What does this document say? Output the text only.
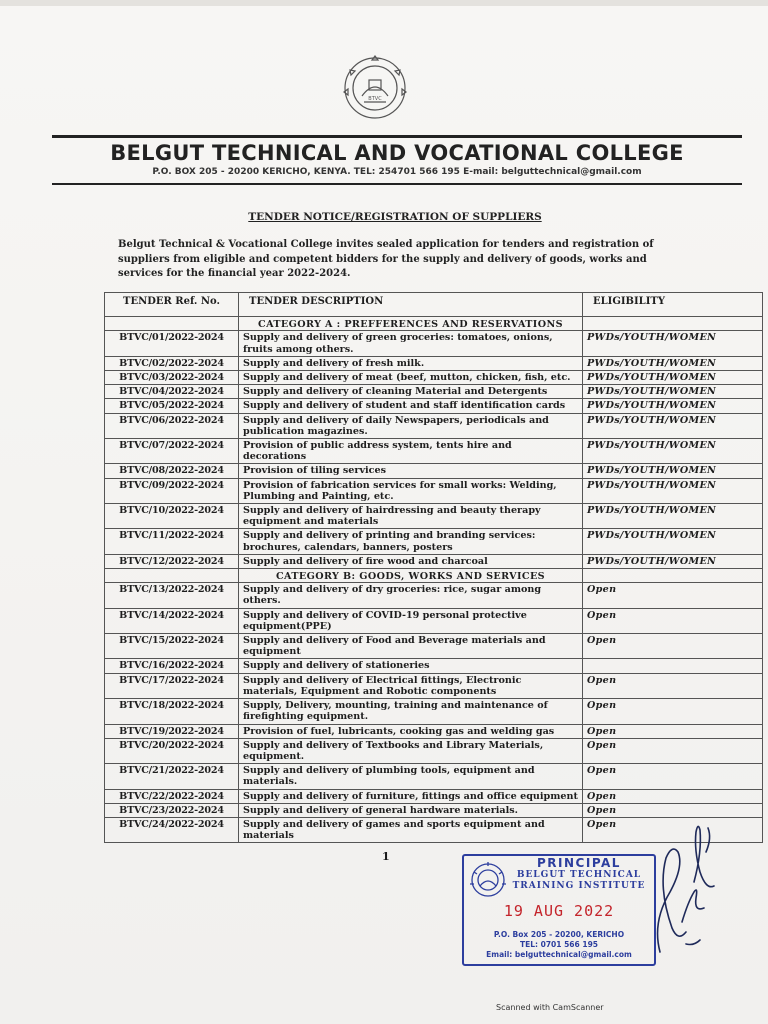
BTVC
BELGUT TECHNICAL AND VOCATIONAL COLLEGE
P.O. BOX 205 - 20200 KERICHO, KENYA. TEL: 254701 566 195 E-mail: belguttechnical@gmail.com
TENDER NOTICE/REGISTRATION OF SUPPLIERS
Belgut Technical & Vocational College invites sealed application for tenders and registration of suppliers from eligible and competent bidders for the supply and delivery of goods, works and services for the financial year 2022-2024.
TENDER Ref. No.	TENDER DESCRIPTION	ELIGIBILITY
	CATEGORY A : PREFFERENCES AND RESERVATIONS	
BTVC/01/2022-2024	Supply and delivery of green groceries: tomatoes, onions, fruits among others.	PWDs/YOUTH/WOMEN
BTVC/02/2022-2024	Supply and delivery of fresh milk.	PWDs/YOUTH/WOMEN
BTVC/03/2022-2024	Supply and delivery of meat (beef, mutton, chicken, fish, etc.	PWDs/YOUTH/WOMEN
BTVC/04/2022-2024	Supply and delivery of cleaning Material and Detergents	PWDs/YOUTH/WOMEN
BTVC/05/2022-2024	Supply and delivery of student and staff identification cards	PWDs/YOUTH/WOMEN
BTVC/06/2022-2024	Supply and delivery of daily Newspapers, periodicals and publication magazines.	PWDs/YOUTH/WOMEN
BTVC/07/2022-2024	Provision of public address system, tents hire and decorations	PWDs/YOUTH/WOMEN
BTVC/08/2022-2024	Provision of tiling services	PWDs/YOUTH/WOMEN
BTVC/09/2022-2024	Provision of fabrication services for small works: Welding, Plumbing and Painting, etc.	PWDs/YOUTH/WOMEN
BTVC/10/2022-2024	Supply and delivery of hairdressing and beauty therapy equipment and materials	PWDs/YOUTH/WOMEN
BTVC/11/2022-2024	Supply and delivery of printing and branding services: brochures, calendars, banners, posters	PWDs/YOUTH/WOMEN
BTVC/12/2022-2024	Supply and delivery of fire wood and charcoal	PWDs/YOUTH/WOMEN
	CATEGORY B: GOODS, WORKS AND SERVICES	
BTVC/13/2022-2024	Supply and delivery of dry groceries: rice, sugar among others.	Open
BTVC/14/2022-2024	Supply and delivery of COVID-19 personal protective equipment(PPE)	Open
BTVC/15/2022-2024	Supply and delivery of Food and Beverage materials and equipment	Open
BTVC/16/2022-2024	Supply and delivery of stationeries	
BTVC/17/2022-2024	Supply and delivery of Electrical fittings, Electronic materials, Equipment and Robotic components	Open
BTVC/18/2022-2024	Supply, Delivery, mounting, training and maintenance of firefighting equipment.	Open
BTVC/19/2022-2024	Provision of fuel, lubricants, cooking gas and welding gas	Open
BTVC/20/2022-2024	Supply and delivery of Textbooks and Library Materials, equipment.	Open
BTVC/21/2022-2024	Supply and delivery of plumbing tools, equipment and materials.	Open
BTVC/22/2022-2024	Supply and delivery of furniture, fittings and office equipment	Open
BTVC/23/2022-2024	Supply and delivery of general hardware materials.	Open
BTVC/24/2022-2024	Supply and delivery of games and sports equipment and materials	Open
1	PRINCIPAL
BELGUT TECHNICAL
TRAINING INSTITUTE
19 AUG 2022
P.O. Box 205 - 20200, KERICHO
TEL: 0701 566 195
Email: belguttechnical@gmail.com
Scanned with CamScanner
